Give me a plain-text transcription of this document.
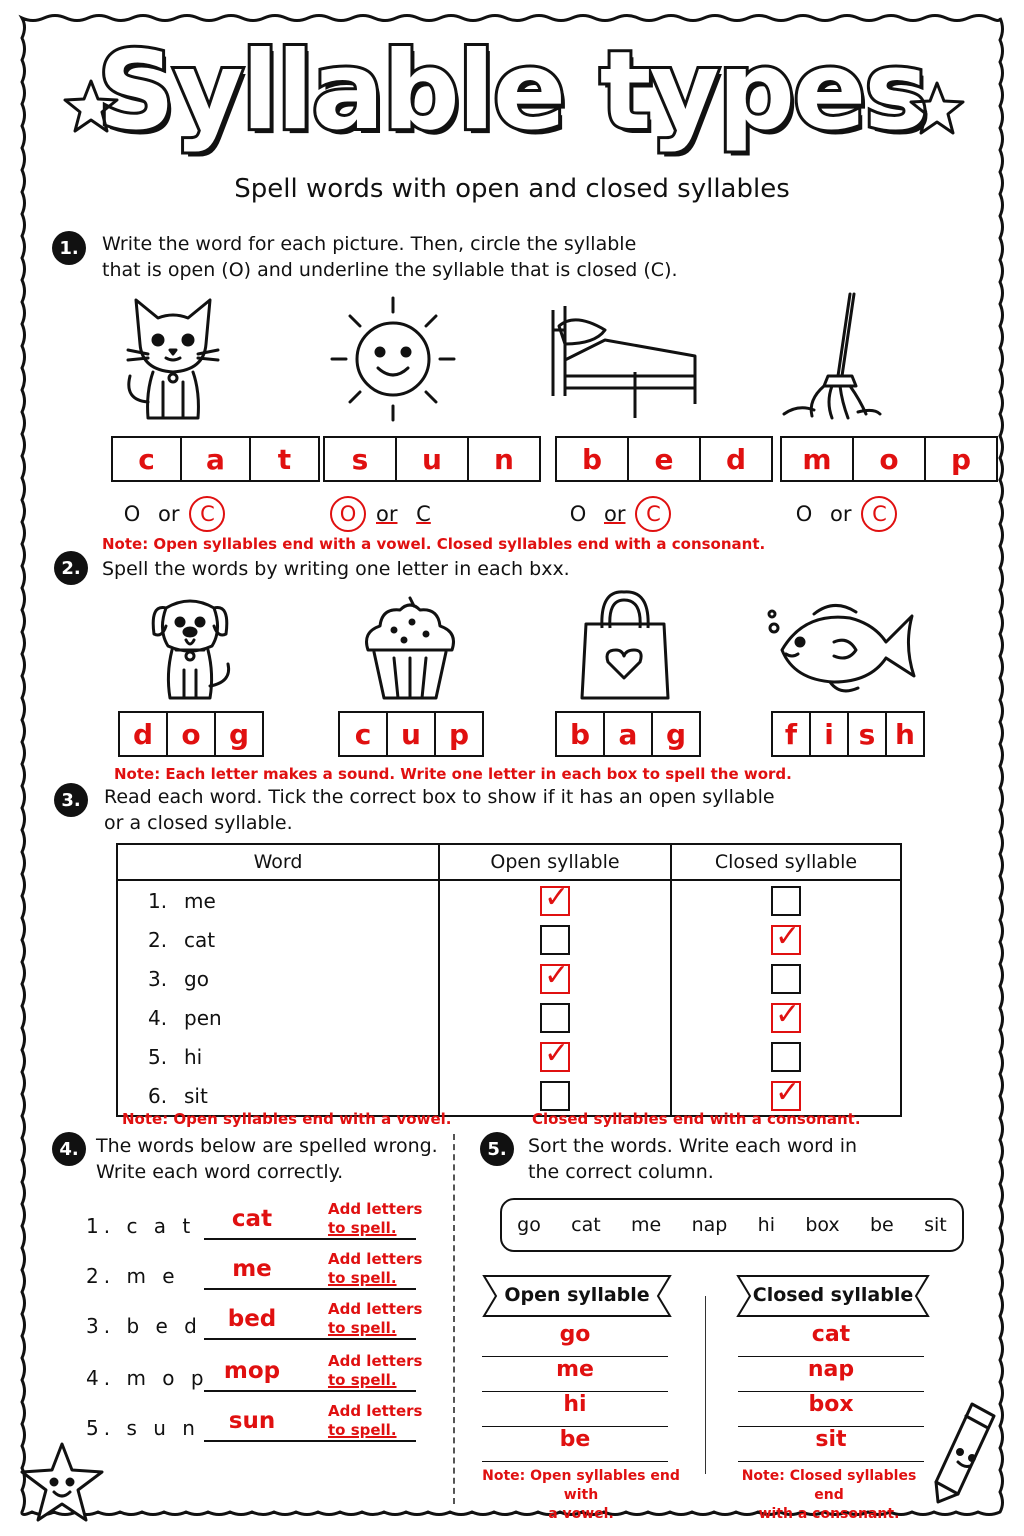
Syllable types
Spell words with open and closed syllables
1.	Write the word for each picture. Then, circle the syllable
that is open (O) and underline the syllable that is closed (C).
c	a	t	s	u	n	b	e	d	m	o	p
O or C	O or C	O or C	O or C
Note: Open syllables end with a vowel. Closed syllables end with a consonant.
2.	Spell the words by writing one letter in each bxx.
d	o	g	c	u	p	b	a	g	f i s h
Note: Each letter makes a sound. Write one letter in each box to spell the word.
3.	Read each word. Tick the correct box to show if it has an open syllable
or a closed syllable.
Word	Open syllable	Closed syllable
1. me	✓	
2. cat		✓
3. go	✓	
4. pen		✓
5. hi	✓	
6. sit		✓
Note: Open syllables end with a vowel.	Closed syllables end with a consonant.
4. The words below are spelled wrong.
Write each word correctly.
1. c a t	cat	Add letters
to spell.
2. m e	me	Add letters
to spell.
3. b e d	bed	Add letters
to spell.
4. m o p mop	Add letters
to spell.
5. s u n	sun	Add letters
to spell.
5.	Sort the words. Write each word in
the correct column.
go cat me nap hi box be sit
Open syllable	Closed syllable
go
me
hi
be
cat
nap
box
sit
Note: Open syllables end with
a vowel.
Note: Closed syllables end
with a consonant.
